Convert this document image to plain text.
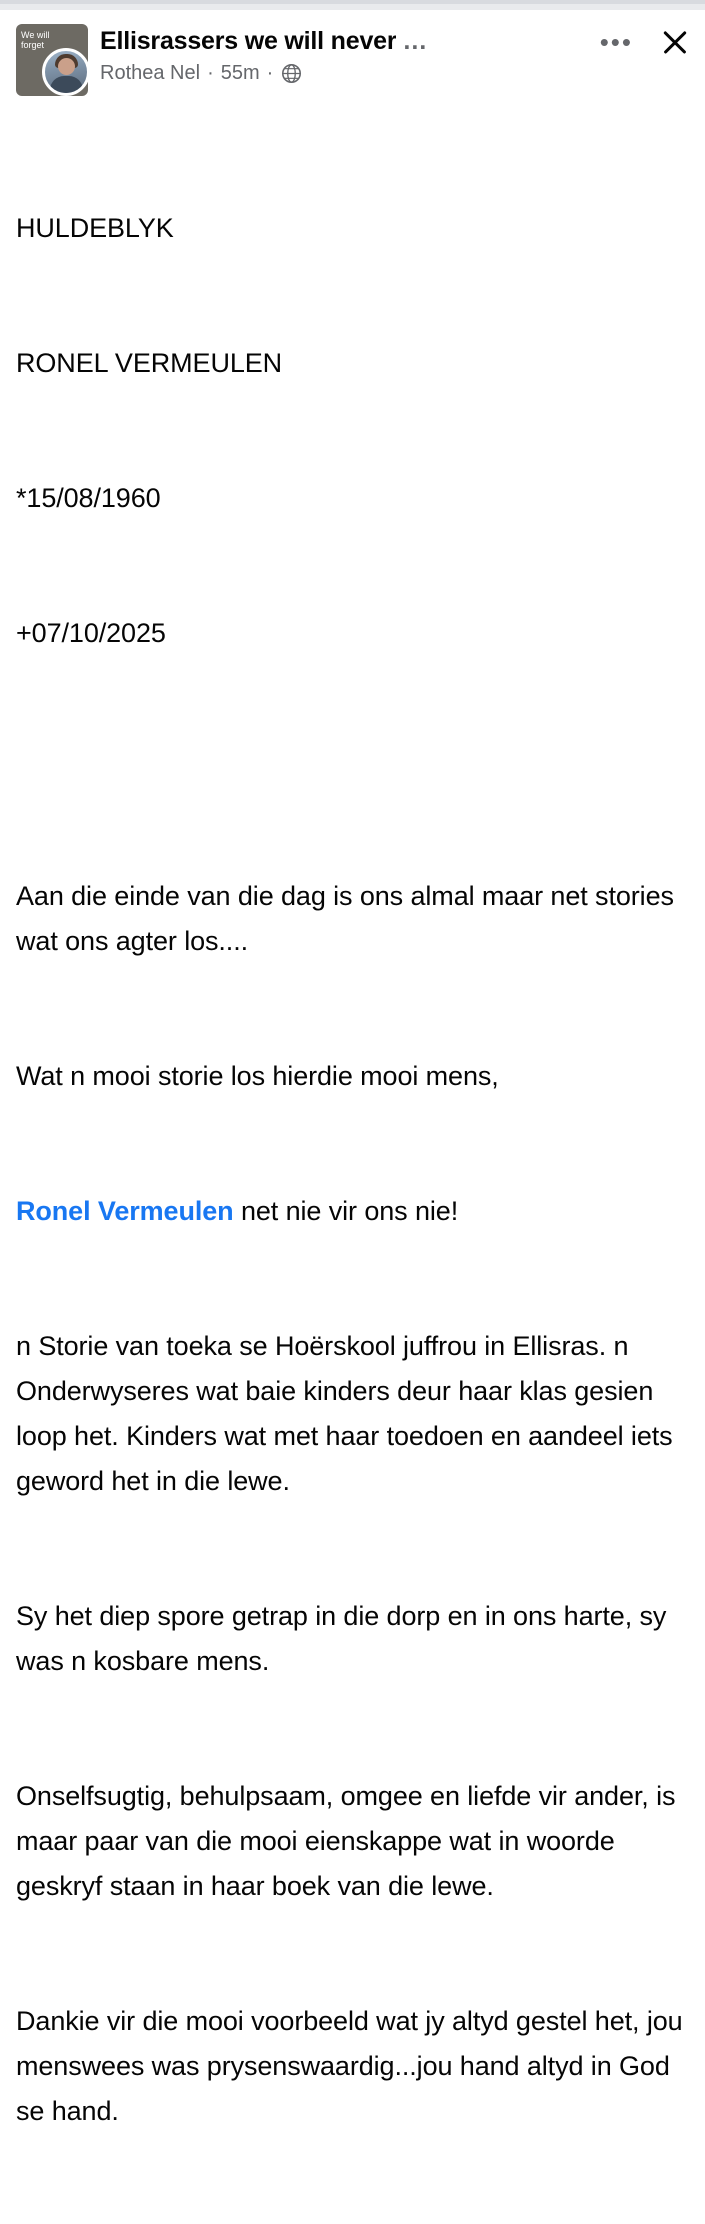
We will forget	Ellisrassers we will never …
Rothea Nel · 55m ·
•••

HULDEBLYK

RONEL VERMEULEN

*15/08/1960

+07/10/2025

Aan die einde van die dag is ons almal maar net stories wat ons agter los....

Wat n mooi storie los hierdie mooi mens,

Ronel Vermeulen net nie vir ons nie!

n Storie van toeka se Hoërskool juffrou in Ellisras. n Onderwyseres wat baie kinders deur haar klas gesien loop het. Kinders wat met haar toedoen en aandeel iets geword het in die lewe.

Sy het diep spore getrap in die dorp en in ons harte, sy was n kosbare mens.

Onselfsugtig, behulpsaam, omgee en liefde vir ander, is maar paar van die mooi eienskappe wat in woorde geskryf staan in haar boek van die lewe.

Dankie vir die mooi voorbeeld wat jy altyd gestel het, jou menswees was prysenswaardig...jou hand altyd in God se hand.
